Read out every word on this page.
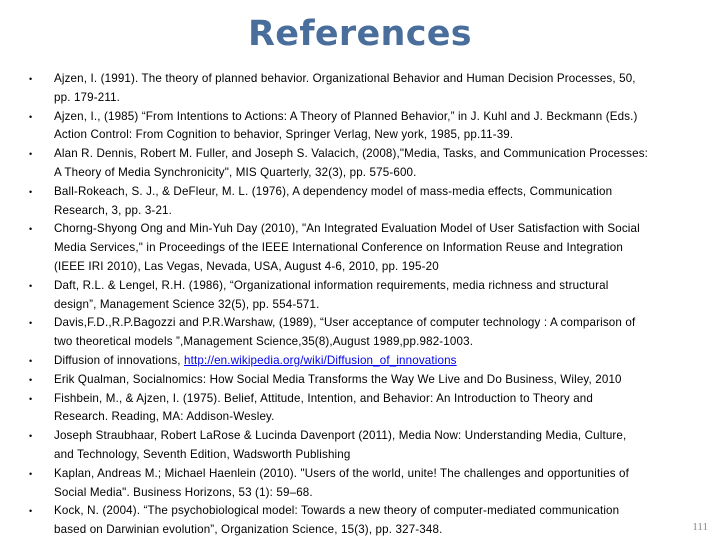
References
•	Ajzen, I. (1991). The theory of planned behavior. Organizational Behavior and Human Decision Processes, 50,
pp. 179-211.
•	Ajzen, I., (1985) “From Intentions to Actions: A Theory of Planned Behavior,” in J. Kuhl and J. Beckmann (Eds.)
Action Control: From Cognition to behavior, Springer Verlag, New york, 1985, pp.11-39.
•	Alan R. Dennis, Robert M. Fuller, and Joseph S. Valacich, (2008),"Media, Tasks, and Communication Processes:
A Theory of Media Synchronicity", MIS Quarterly, 32(3), pp. 575-600.
•	Ball-Rokeach, S. J., & DeFleur, M. L. (1976), A dependency model of mass-media effects, Communication
Research, 3, pp. 3-21.
•	Chorng-Shyong Ong and Min-Yuh Day (2010), "An Integrated Evaluation Model of User Satisfaction with Social
Media Services," in Proceedings of the IEEE International Conference on Information Reuse and Integration
(IEEE IRI 2010), Las Vegas, Nevada, USA, August 4-6, 2010, pp. 195-20
•	Daft, R.L. & Lengel, R.H. (1986), “Organizational information requirements, media richness and structural
design”, Management Science 32(5), pp. 554-571.
•	Davis,F.D.,R.P.Bagozzi and P.R.Warshaw, (1989), “User acceptance of computer technology : A comparison of
two theoretical models ”,Management Science,35(8),August 1989,pp.982-1003.
•	Diffusion of innovations, http://en.wikipedia.org/wiki/Diffusion_of_innovations
•	Erik Qualman, Socialnomics: How Social Media Transforms the Way We Live and Do Business, Wiley, 2010
•	Fishbein, M., & Ajzen, I. (1975). Belief, Attitude, Intention, and Behavior: An Introduction to Theory and
Research. Reading, MA: Addison-Wesley.
•	Joseph Straubhaar, Robert LaRose & Lucinda Davenport (2011), Media Now: Understanding Media, Culture,
and Technology, Seventh Edition, Wadsworth Publishing
•	Kaplan, Andreas M.; Michael Haenlein (2010). "Users of the world, unite! The challenges and opportunities of
Social Media". Business Horizons, 53 (1): 59–68.
•	Kock, N. (2004). “The psychobiological model: Towards a new theory of computer-mediated communication
based on Darwinian evolution”, Organization Science, 15(3), pp. 327-348.	111
